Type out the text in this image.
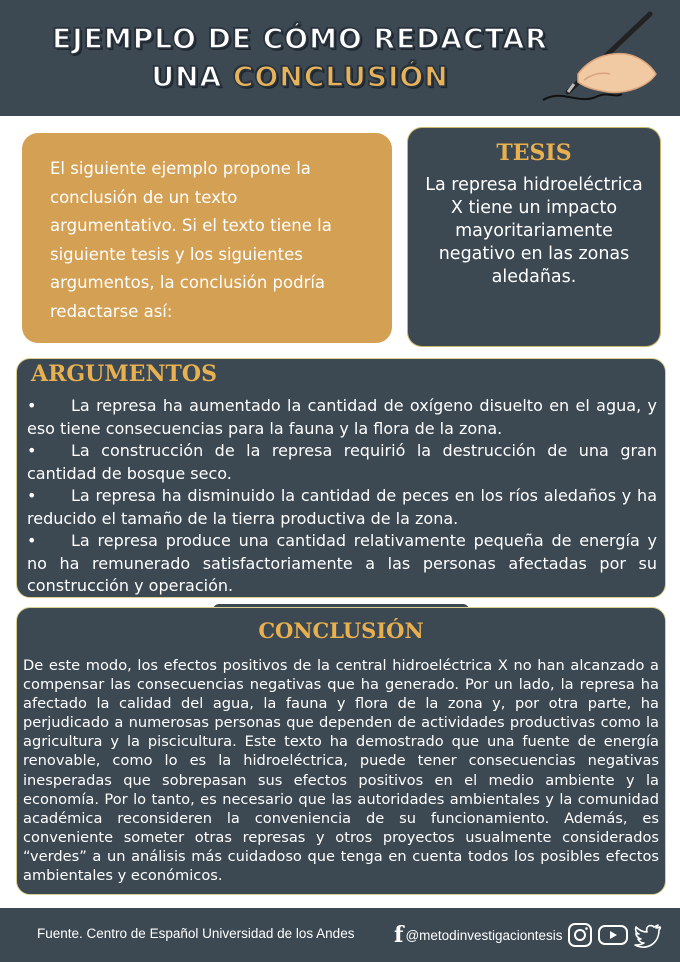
EJEMPLO DE CÓMO REDACTAR
UNA CONCLUSIÓN

El siguiente ejemplo propone la conclusión de un texto argumentativo. Si el texto tiene la siguiente tesis y los siguientes argumentos, la conclusión podría redactarse así:

TESIS

La represa hidroeléctrica X tiene un impacto mayoritariamente negativo en las zonas aledañas.

ARGUMENTOS
• La represa ha aumentado la cantidad de oxígeno disuelto en el agua, y eso tiene consecuencias para la fauna y la flora de la zona.
• La construcción de la represa requirió la destrucción de una gran cantidad de bosque seco.
• La represa ha disminuido la cantidad de peces en los ríos aledaños y ha reducido el tamaño de la tierra productiva de la zona.
• La represa produce una cantidad relativamente pequeña de energía y no ha remunerado satisfactoriamente a las personas afectadas por su construcción y operación.
CONCLUSIÓN

De este modo, los efectos positivos de la central hidroeléctrica X no han alcanzado a compensar las consecuencias negativas que ha generado. Por un lado, la represa ha afectado la calidad del agua, la fauna y flora de la zona y, por otra parte, ha perjudicado a numerosas personas que dependen de actividades productivas como la agricultura y la piscicultura. Este texto ha demostrado que una fuente de energía renovable, como lo es la hidroeléctrica, puede tener consecuencias negativas inesperadas que sobrepasan sus efectos positivos en el medio ambiente y la economía. Por lo tanto, es necesario que las autoridades ambientales y la comunidad académica reconsideren la conveniencia de su funcionamiento. Además, es conveniente someter otras represas y otros proyectos usualmente considerados “verdes” a un análisis más cuidadoso que tenga en cuenta todos los posibles efectos ambientales y económicos.

Fuente. Centro de Español Universidad de los Andes f @metodinvestigaciontesis
